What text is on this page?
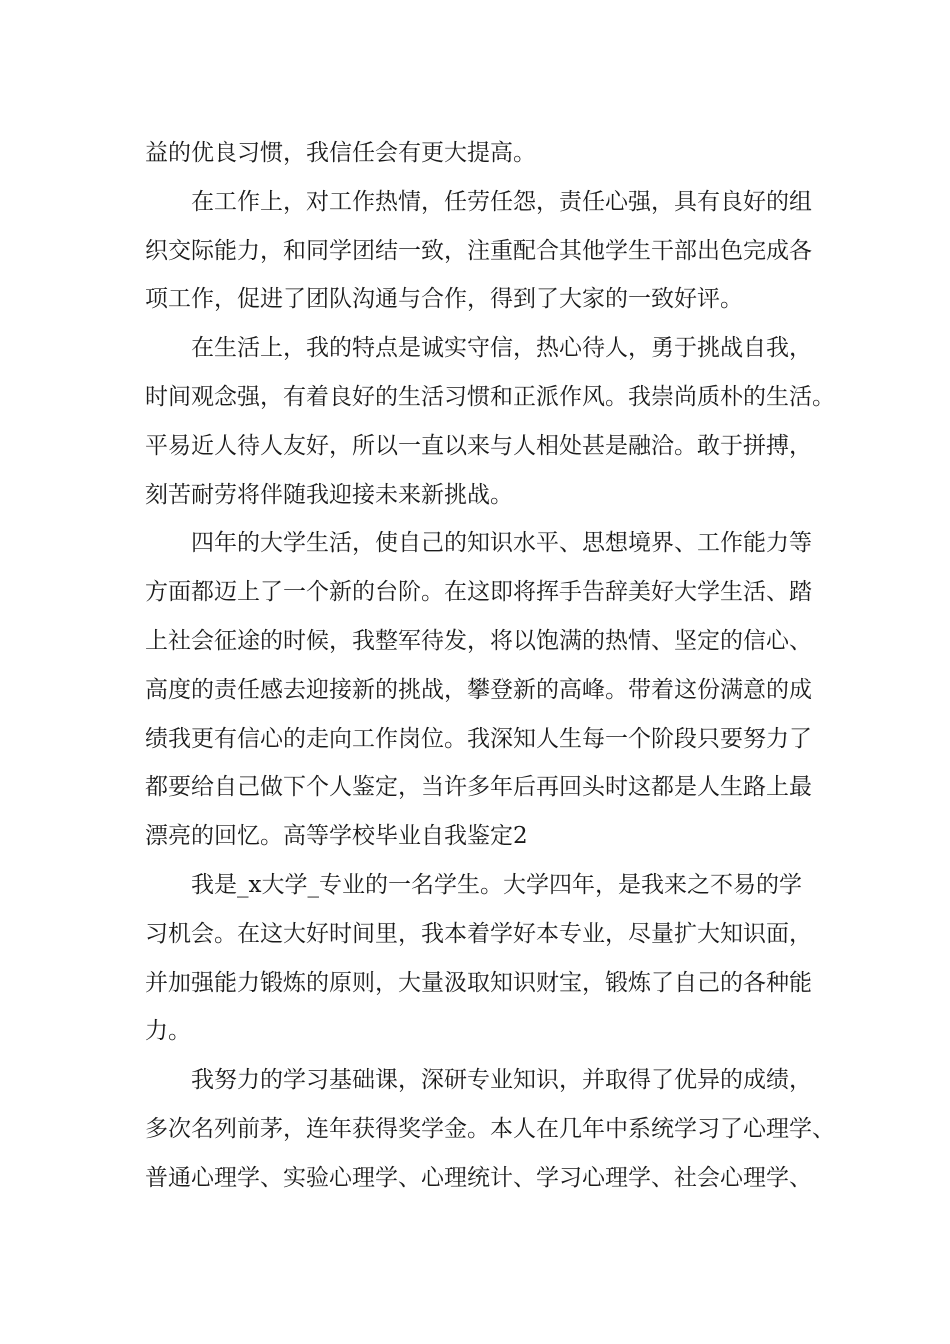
益的优良习惯，我信任会有更大提高。
在工作上，对工作热情，任劳任怨，责任心强，具有良好的组
织交际能力，和同学团结一致，注重配合其他学生干部出色完成各
项工作，促进了团队沟通与合作，得到了大家的一致好评。
在生活上，我的特点是诚实守信，热心待人，勇于挑战自我，
时间观念强，有着良好的生活习惯和正派作风。我崇尚质朴的生活。
平易近人待人友好，所以一直以来与人相处甚是融洽。敢于拼搏，
刻苦耐劳将伴随我迎接未来新挑战。
四年的大学生活，使自己的知识水平、思想境界、工作能力等
方面都迈上了一个新的台阶。在这即将挥手告辞美好大学生活、踏
上社会征途的时候，我整军待发，将以饱满的热情、坚定的信心、
高度的责任感去迎接新的挑战，攀登新的高峰。带着这份满意的成
绩我更有信心的走向工作岗位。我深知人生每一个阶段只要努力了
都要给自己做下个人鉴定，当许多年后再回头时这都是人生路上最
漂亮的回忆。高等学校毕业自我鉴定2
我是_x大学_专业的一名学生。大学四年，是我来之不易的学
习机会。在这大好时间里，我本着学好本专业，尽量扩大知识面，
并加强能力锻炼的原则，大量汲取知识财宝，锻炼了自己的各种能
力。
我努力的学习基础课，深研专业知识，并取得了优异的成绩，
多次名列前茅，连年获得奖学金。本人在几年中系统学习了心理学、
普通心理学、实验心理学、心理统计、学习心理学、社会心理学、
